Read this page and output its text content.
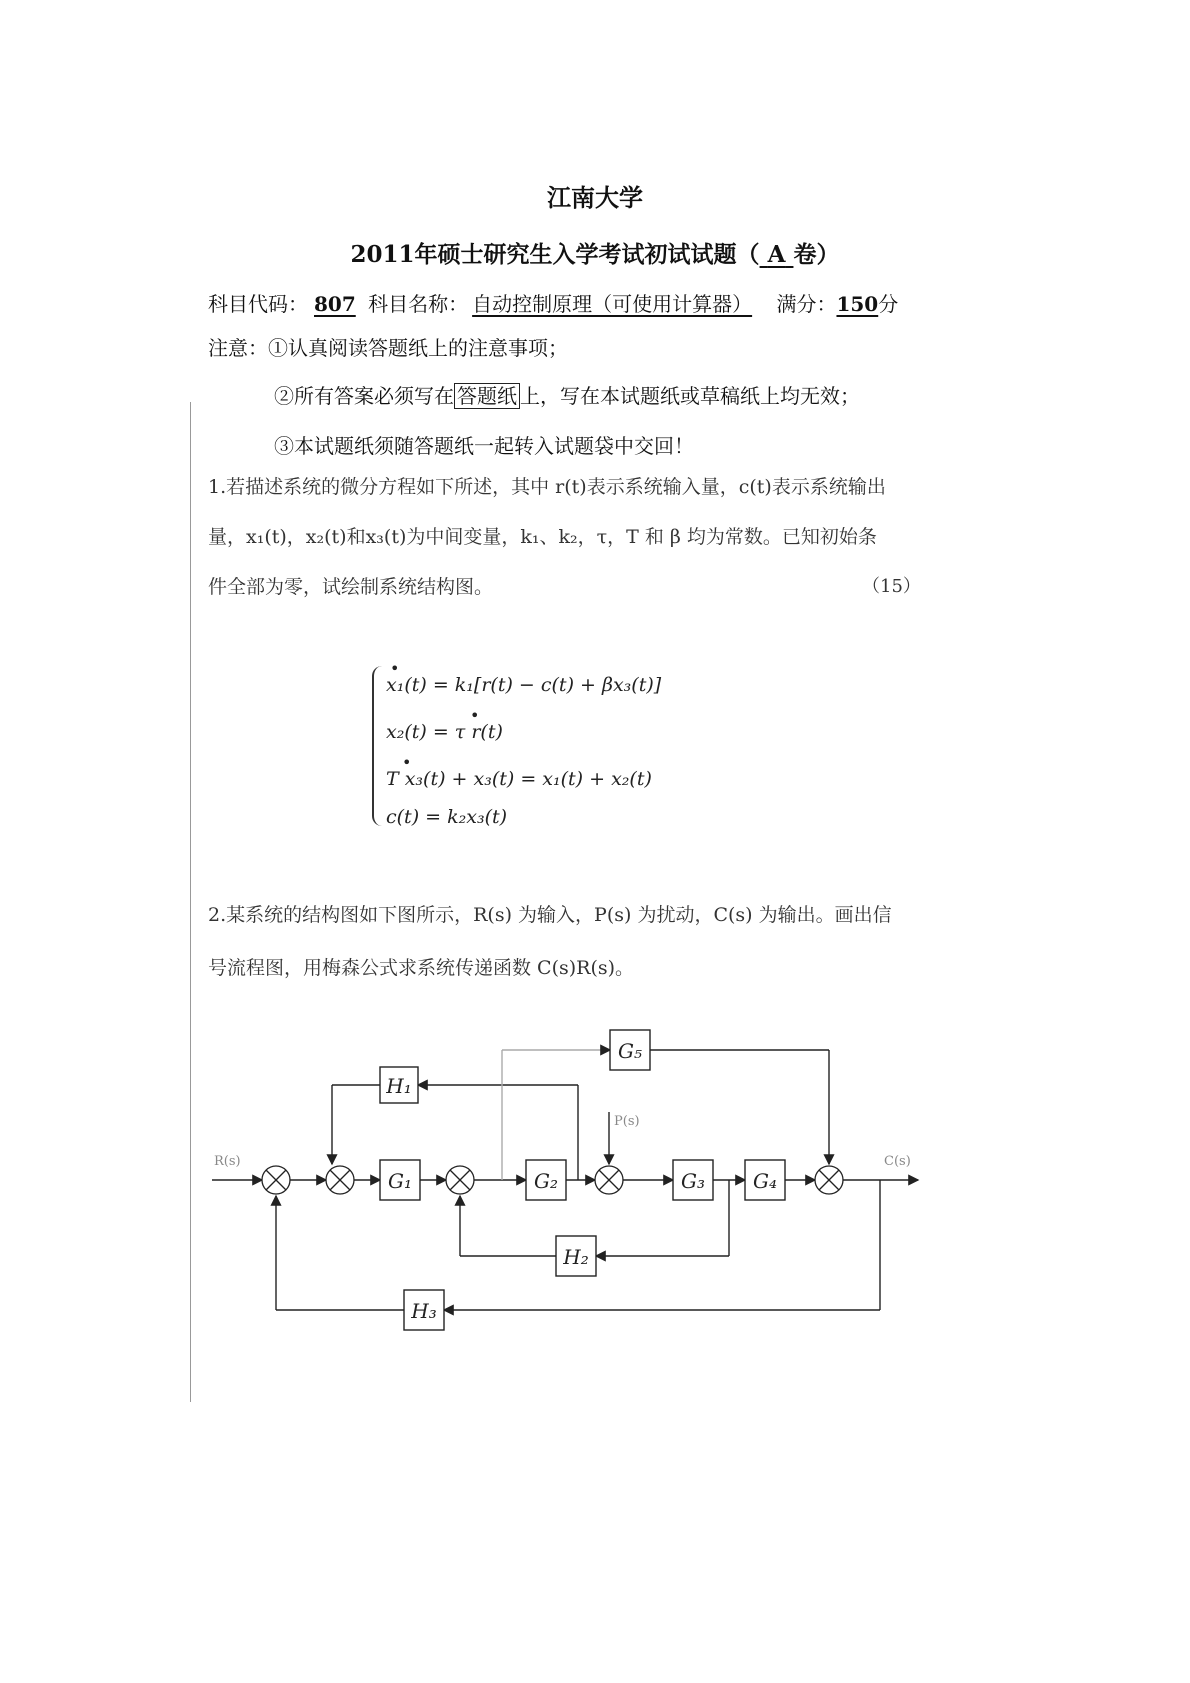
江南大学
2011年硕士研究生入学考试初试试题（ A 卷）
科目代码： 807 科目名称： 自动控制原理（可使用计算器） 满分：150分
注意：①认真阅读答题纸上的注意事项；
②所有答案必须写在 答题纸 上，写在本试题纸或草稿纸上均无效；
③本试题纸须随答题纸一起转入试题袋中交回！
1.若描述系统的微分方程如下所述，其中 r(t)表示系统输入量，c(t)表示系统输出
量，x₁(t)，x₂(t)和x₃(t)为中间变量，k₁、k₂，τ，T 和 β 均为常数。已知初始条
件全部为零，试绘制系统结构图。	（15）
•
x₁(t) = k₁[r(t) − c(t) + βx₃(t)]
•
x₂(t) = τ r(t)
•
T x₃(t) + x₃(t) = x₁(t) + x₂(t)
c(t) = k₂x₃(t)
2.某系统的结构图如下图所示，R(s) 为输入，P(s) 为扰动，C(s) 为输出。画出信
号流程图，用梅森公式求系统传递函数 C(s)R(s)。
G₁	G₂	G₃ G₄
G₅
H₁
H₂
H₃
R(s)	C(s)
P(s)
